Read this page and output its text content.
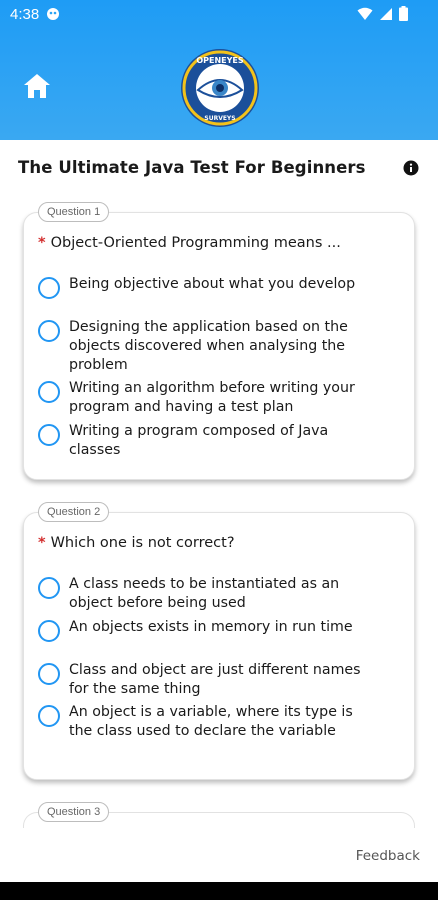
4:38
OPENEYES
SURVEYS
The Ultimate Java Test For Beginners
Question 1
* Object-Oriented Programming means ...
Being objective about what you develop
Designing the application based on the objects discovered when analysing the problem
Writing an algorithm before writing your program and having a test plan
Writing a program composed of Java classes
Question 2
* Which one is not correct?
A class needs to be instantiated as an object before being used
An objects exists in memory in run time
Class and object are just different names for the same thing
An object is a variable, where its type is the class used to declare the variable
Question 3
Feedback
